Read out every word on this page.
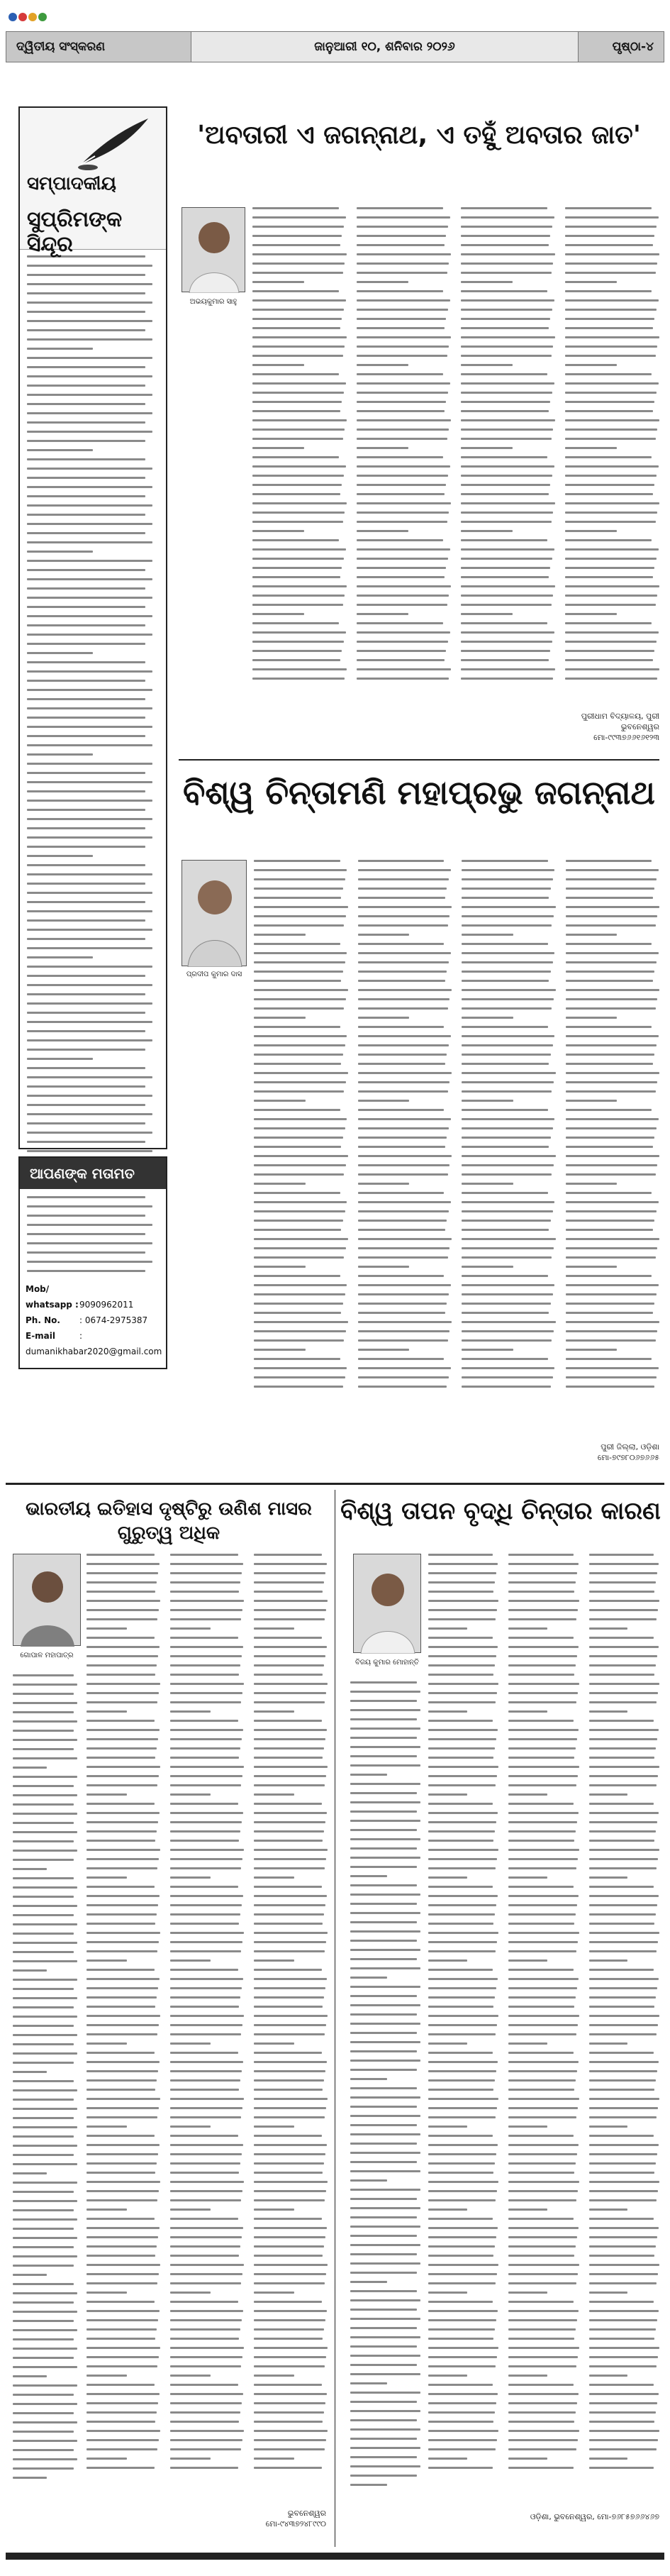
ଦ୍ୱିତୀୟ ସଂସ୍କରଣ	ଜାନୁଆରୀ ୧୦, ଶନିବାର ୨୦୨୬	ପୃଷ୍ଠା-୪
ସମ୍ପାଦକୀୟ
ସୁପ୍ରିମଙ୍କ ସିନ୍ଦୂର
ଆପଣଙ୍କ ମତାମତ
Mob/ whatsapp :9090962011
Ph. No. : 0674-2975387
E-mail	: dumanikhabar2020@gmail.com
'ଅବତାରୀ ଏ ଜଗନ୍ନାଥ, ଏ ତହୁଁ ଅବତାର ଜାତ'
ଅଭୟକୁମାର ସାହୁ
ପୁରୀଧାମ ବିଦ୍ୟାଳୟ, ପୁରୀ
ଭୁବନେଶ୍ୱର
ମୋ-୯୯୩୭୬୬୧୬୧୨୩
ବିଶ୍ୱ ଚିନ୍ତାମଣି ମହାପ୍ରଭୁ ଜଗନ୍ନାଥ
ପ୍ରଦୀପ କୁମାର ଦାସ
ପୁରୀ ଜିଲ୍ଲା, ଓଡ଼ିଶା
ମୋ-୭୯୭୮୦୬୭୬୬୫
ଭାରତୀୟ ଇତିହାସ ଦୃଷ୍ଟିରୁ ଉଣିଶ ମାସର ଗୁରୁତ୍ୱ ଅଧିକ
ଗୋପାଳ ମହାପାତ୍ର
ଭୁବନେଶ୍ୱର
ମୋ-୯୪୩୭୨୪୮୯୯୦
ବିଶ୍ୱ ତାପନ ବୃଦ୍ଧି ଚିନ୍ତାର କାରଣ
ବିଜୟ କୁମାର ମୋହାନ୍ତି
ଓଡ଼ିଶା, ଭୁବନେଶ୍ୱର, ମୋ-୭୬୮୫୭୬୬୪୬୭
